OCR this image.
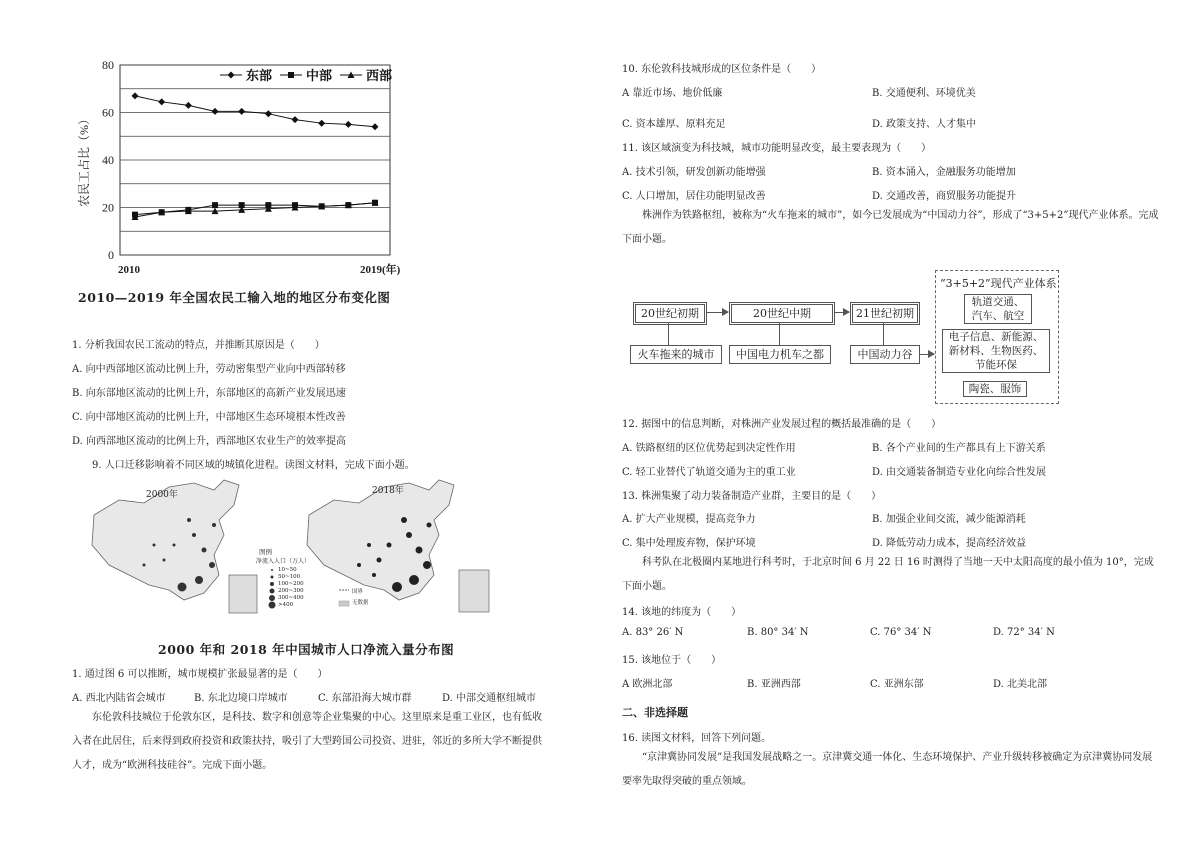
0
20
40
60
80
2010	2019(年)
农民工占比（%）
东部	中部	西部
2010—2019 年全国农民工输入地的地区分布变化图
1. 分析我国农民工流动的特点，并推断其原因是（　　）
A. 向中西部地区流动比例上升，劳动密集型产业向中西部转移
B. 向东部地区流动的比例上升，东部地区的高新产业发展迅速
C. 向中部地区流动的比例上升，中部地区生态环境根本性改善
D. 向西部地区流动的比例上升，西部地区农业生产的效率提高
9. 人口迁移影响着不同区域的城镇化进程。读图文材料，完成下面小题。
2000年	2018年
图例
净流入人口（万人）
10~50
50~100
100~200
200~300
300~400
>400
国界
无数据
2000 年和 2018 年中国城市人口净流入量分布图
1. 通过图 6 可以推断，城市规模扩张最显著的是（　　）
A. 西北内陆省会城市	B. 东北边境口岸城市	C. 东部沿海大城市群	D. 中部交通枢纽城市
东伦敦科技城位于伦敦东区，是科技、数字和创意等企业集聚的中心。这里原来是重工业区，也有低收入者在此居住，后来得到政府投资和政策扶持，吸引了大型跨国公司投资、进驻，邻近的多所大学不断提供人才，成为“欧洲科技硅谷”。完成下面小题。
10. 东伦敦科技城形成的区位条件是（　　）
A 靠近市场、地价低廉	B. 交通便利、环境优美
C. 资本雄厚、原料充足	D. 政策支持、人才集中
11. 该区域演变为科技城，城市功能明显改变，最主要表现为（　　）
A. 技术引领，研发创新功能增强	B. 资本涌入，金融服务功能增加
C. 人口增加，居住功能明显改善	D. 交通改善，商贸服务功能提升
株洲作为铁路枢纽，被称为“火车拖来的城市”，如今已发展成为“中国动力谷”，形成了“3+5+2”现代产业体系。完成下面小题。
20世纪初期
火车拖来的城市
20世纪中期
中国电力机车之都
21世纪初期
中国动力谷
“3+5+2”现代产业体系
轨道交通、
汽车、航空
电子信息、新能源、
新材料、生物医药、
节能环保
陶瓷、服饰
12. 据图中的信息判断，对株洲产业发展过程的概括最准确的是（　　）
A. 铁路枢纽的区位优势起到决定性作用	B. 各个产业间的生产都具有上下游关系
C. 轻工业替代了轨道交通为主的重工业	D. 由交通装备制造专业化向综合性发展
13. 株洲集聚了动力装备制造产业群，主要目的是（　　）
A. 扩大产业规模，提高竞争力	B. 加强企业间交流，减少能源消耗
C. 集中处理废弃物，保护环境	D. 降低劳动力成本，提高经济效益
科考队在北极圈内某地进行科考时，于北京时间 6 月 22 日 16 时测得了当地一天中太阳高度的最小值为 10°，完成下面小题。
14. 该地的纬度为（　　）
A. 83° 26′ N	B. 80° 34′ N	C. 76° 34′ N	D. 72° 34′ N
15. 该地位于（　　）
A 欧洲北部	B. 亚洲西部	C. 亚洲东部	D. 北美北部
二、非选择题
16. 读图文材料，回答下列问题。
“京津冀协同发展”是我国发展战略之一。京津冀交通一体化、生态环境保护、产业升级转移被确定为京津冀协同发展要率先取得突破的重点领域。
